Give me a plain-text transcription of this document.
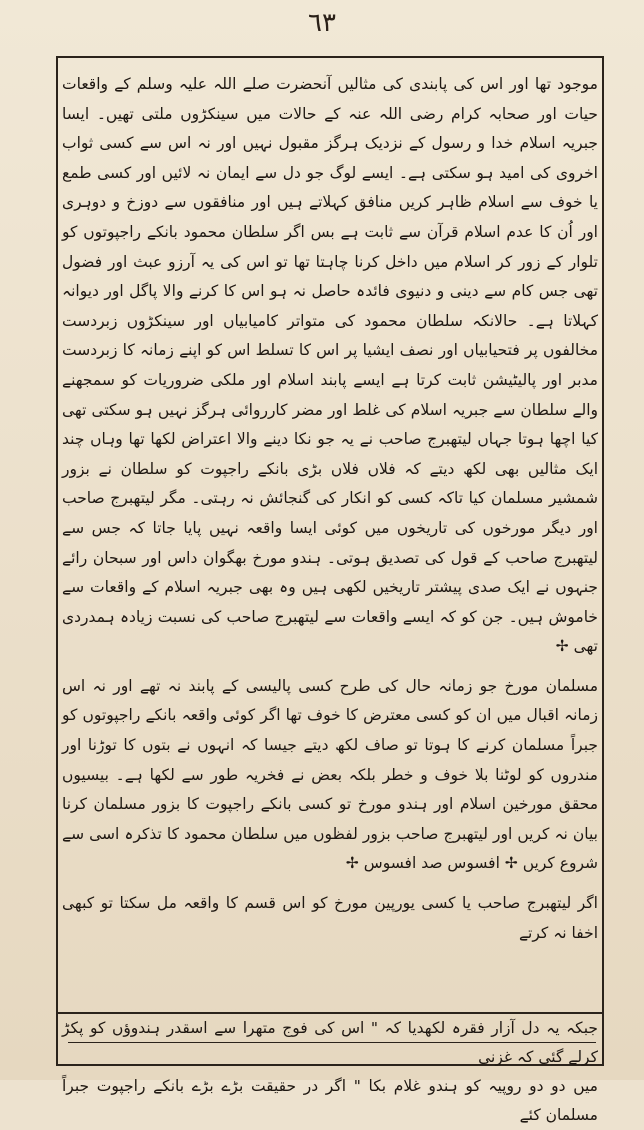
٦٣

موجود تھا اور اس کی پابندی کی مثالیں آنحضرت صلے اللہ علیہ وسلم کے واقعات حیات اور صحابہ کرام رضی اللہ عنہ کے حالات میں سینکڑوں ملتی تھیں۔ ایسا جبریہ اسلام خدا و رسول کے نزدیک ہرگز مقبول نہیں اور نہ اس سے کسی ثواب اخروی کی امید ہو سکتی ہے۔ ایسے لوگ جو دل سے ایمان نہ لائیں اور کسی طمع یا خوف سے اسلام ظاہر کریں منافق کہلاتے ہیں اور منافقوں سے دوزخ و دوہری اور اُن کا عدم اسلام قرآن سے ثابت ہے بس اگر سلطان محمود بانکے راجپوتوں کو تلوار کے زور کر اسلام میں داخل کرنا چاہتا تھا تو اس کی یہ آرزو عبث اور فضول تھی جس کام سے دینی و دنیوی فائدہ حاصل نہ ہو اس کا کرنے والا پاگل اور دیوانہ کہلاتا ہے۔ حالانکہ سلطان محمود کی متواتر کامیابیاں اور سینکڑوں زبردست مخالفوں پر فتحیابیاں اور نصف ایشیا پر اس کا تسلط اس کو اپنے زمانہ کا زبردست مدبر اور پالیٹیشن ثابت کرتا ہے ایسے پابند اسلام اور ملکی ضروریات کو سمجھنے والے سلطان سے جبریہ اسلام کی غلط اور مضر کارروائی ہرگز نہیں ہو سکتی تھی کیا اچھا ہوتا جہاں لیتھبرج صاحب نے یہ جو نکا دینے والا اعتراض لکھا تھا وہاں چند ایک مثالیں بھی لکھ دیتے کہ فلاں فلاں بڑی بانکے راجپوت کو سلطان نے بزور شمشیر مسلمان کیا تاکہ کسی کو انکار کی گنجائش نہ رہتی۔ مگر لیتھبرج صاحب اور دیگر مورخوں کی تاریخوں میں کوئی ایسا واقعہ نہیں پایا جاتا کہ جس سے لیتھبرج صاحب کے قول کی تصدیق ہوتی۔ ہندو مورخ بھگوان داس اور سبحان رائے جنہوں نے ایک صدی پیشتر تاریخیں لکھی ہیں وہ بھی جبریہ اسلام کے واقعات سے خاموش ہیں۔ جن کو کہ ایسے واقعات سے لیتھبرج صاحب کی نسبت زیادہ ہمدردی تھی ✢

مسلمان مورخ جو زمانہ حال کی طرح کسی پالیسی کے پابند نہ تھے اور نہ اس زمانہ اقبال میں ان کو کسی معترض کا خوف تھا اگر کوئی واقعہ بانکے راجپوتوں کو جبراً مسلمان کرنے کا ہوتا تو صاف لکھ دیتے جیسا کہ انہوں نے بتوں کا توڑنا اور مندروں کو لوٹنا بلا خوف و خطر بلکہ بعض نے فخریہ طور سے لکھا ہے۔ بیسیوں محقق مورخین اسلام اور ہندو مورخ تو کسی بانکے راجپوت کا بزور مسلمان کرنا بیان نہ کریں اور لیتھبرج صاحب بزور لفظوں میں سلطان محمود کا تذکرہ اسی سے شروع کریں ✢ افسوس صد افسوس ✢

اگر لیتھبرج صاحب یا کسی یورپین مورخ کو اس قسم کا واقعہ مل سکتا تو کبھی اخفا نہ کرتے

جبکہ یہ دل آزار فقرہ لکھدیا کہ " اس کی فوج متھرا سے اسقدر ہندوؤں کو پکڑ کرلے گئی کہ غزنی
میں دو دو روپیہ کو ہندو غلام بکا " اگر در حقیقت بڑے بڑے بانکے راجپوت جبراً مسلمان کئے
